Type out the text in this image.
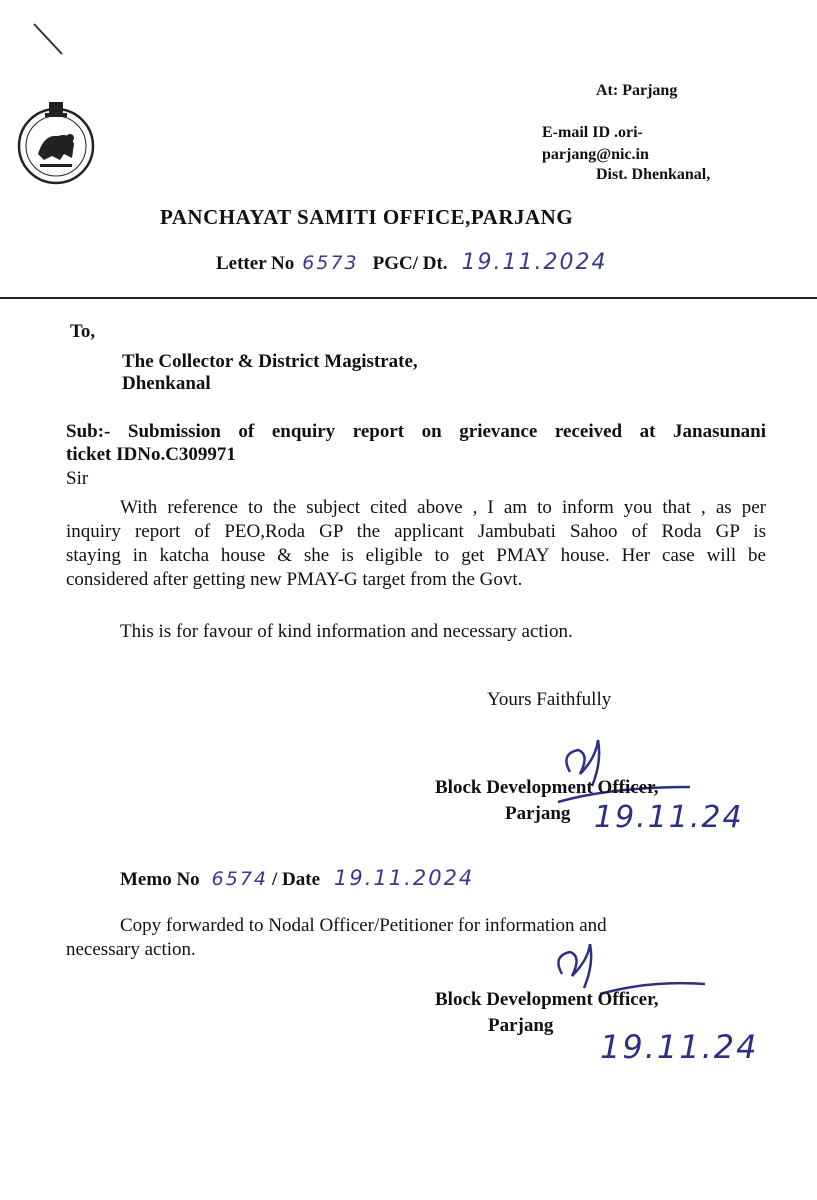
At: Parjang
E-mail ID .ori-
parjang@nic.in
Dist. Dhenkanal,
PANCHAYAT SAMITI OFFICE,PARJANG
Letter No 6573 PGC/ Dt. 19.11.2024
To,
The Collector & District Magistrate,
Dhenkanal
Sub:- Submission of enquiry report on grievance received at Janasunani
ticket IDNo.C309971
Sir
With reference to the subject cited above , I am to inform you that , as per
inquiry report of PEO,Roda GP the applicant Jambubati Sahoo of Roda GP is
staying in katcha house & she is eligible to get PMAY house. Her case will be
considered after getting new PMAY-G target from the Govt.
This is for favour of kind information and necessary action.
Yours Faithfully
Block Development Officer,
Parjang 19.11.24
Memo No 6574 / Date 19.11.2024
Copy forwarded to Nodal Officer/Petitioner for information and
necessary action.
Block Development Officer,
Parjang
19.11.24
